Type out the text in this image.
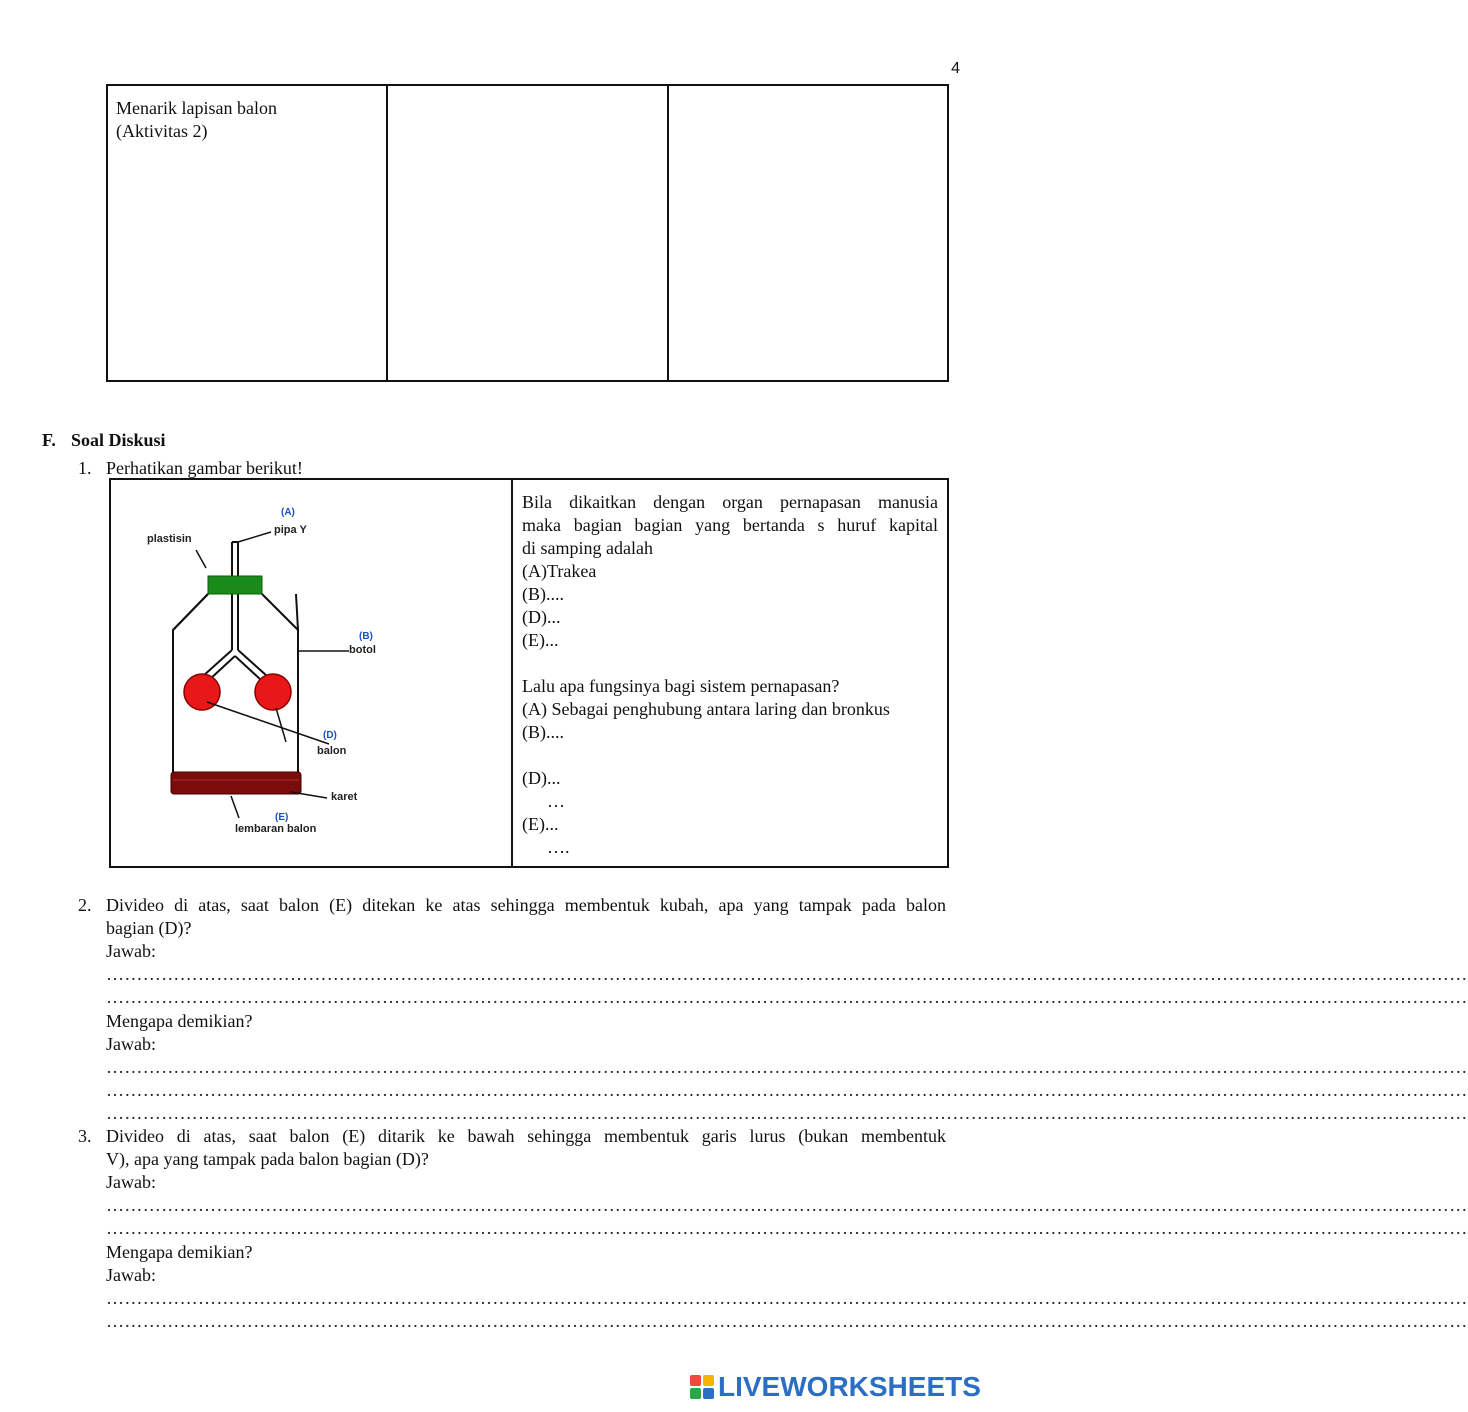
4
Menarik lapisan balon
(Aktivitas 2)
F. Soal Diskusi
1. Perhatikan gambar berikut!
(A)
pipa Y
plastisin
(B)
botol
(D)
balon
karet
(E)
lembaran balon

Bila dikaitkan dengan organ pernapasan manusia

maka bagian bagian yang bertanda s huruf kapital

di samping adalah

(A)Trakea

(B)....

(D)...

(E)...

Lalu apa fungsinya bagi sistem pernapasan?

(A) Sebagai penghubung antara laring dan bronkus

(B)....

(D)...

…

(E)...

….

2. Divideo di atas, saat balon (E) ditekan ke atas sehingga membentuk kubah, apa yang tampak pada balon
bagian (D)?
Jawab:
……………………………………………………………………………………………………………………………………………………………………………………………………
……………………………………………………………………………………………………………………………………………………………………………………………………
Mengapa demikian?
Jawab:
……………………………………………………………………………………………………………………………………………………………………………………………………
……………………………………………………………………………………………………………………………………………………………………………………………………
……………………………………………………………………………………………………………………………………………………………………………………………………
3. Divideo di atas, saat balon (E) ditarik ke bawah sehingga membentuk garis lurus (bukan membentuk
V), apa yang tampak pada balon bagian (D)?
Jawab:
……………………………………………………………………………………………………………………………………………………………………………………………………
……………………………………………………………………………………………………………………………………………………………………………………………………
Mengapa demikian?
Jawab:
……………………………………………………………………………………………………………………………………………………………………………………………………
……………………………………………………………………………………………………………………………………………………………………………………………………
LIVEWORKSHEETS
